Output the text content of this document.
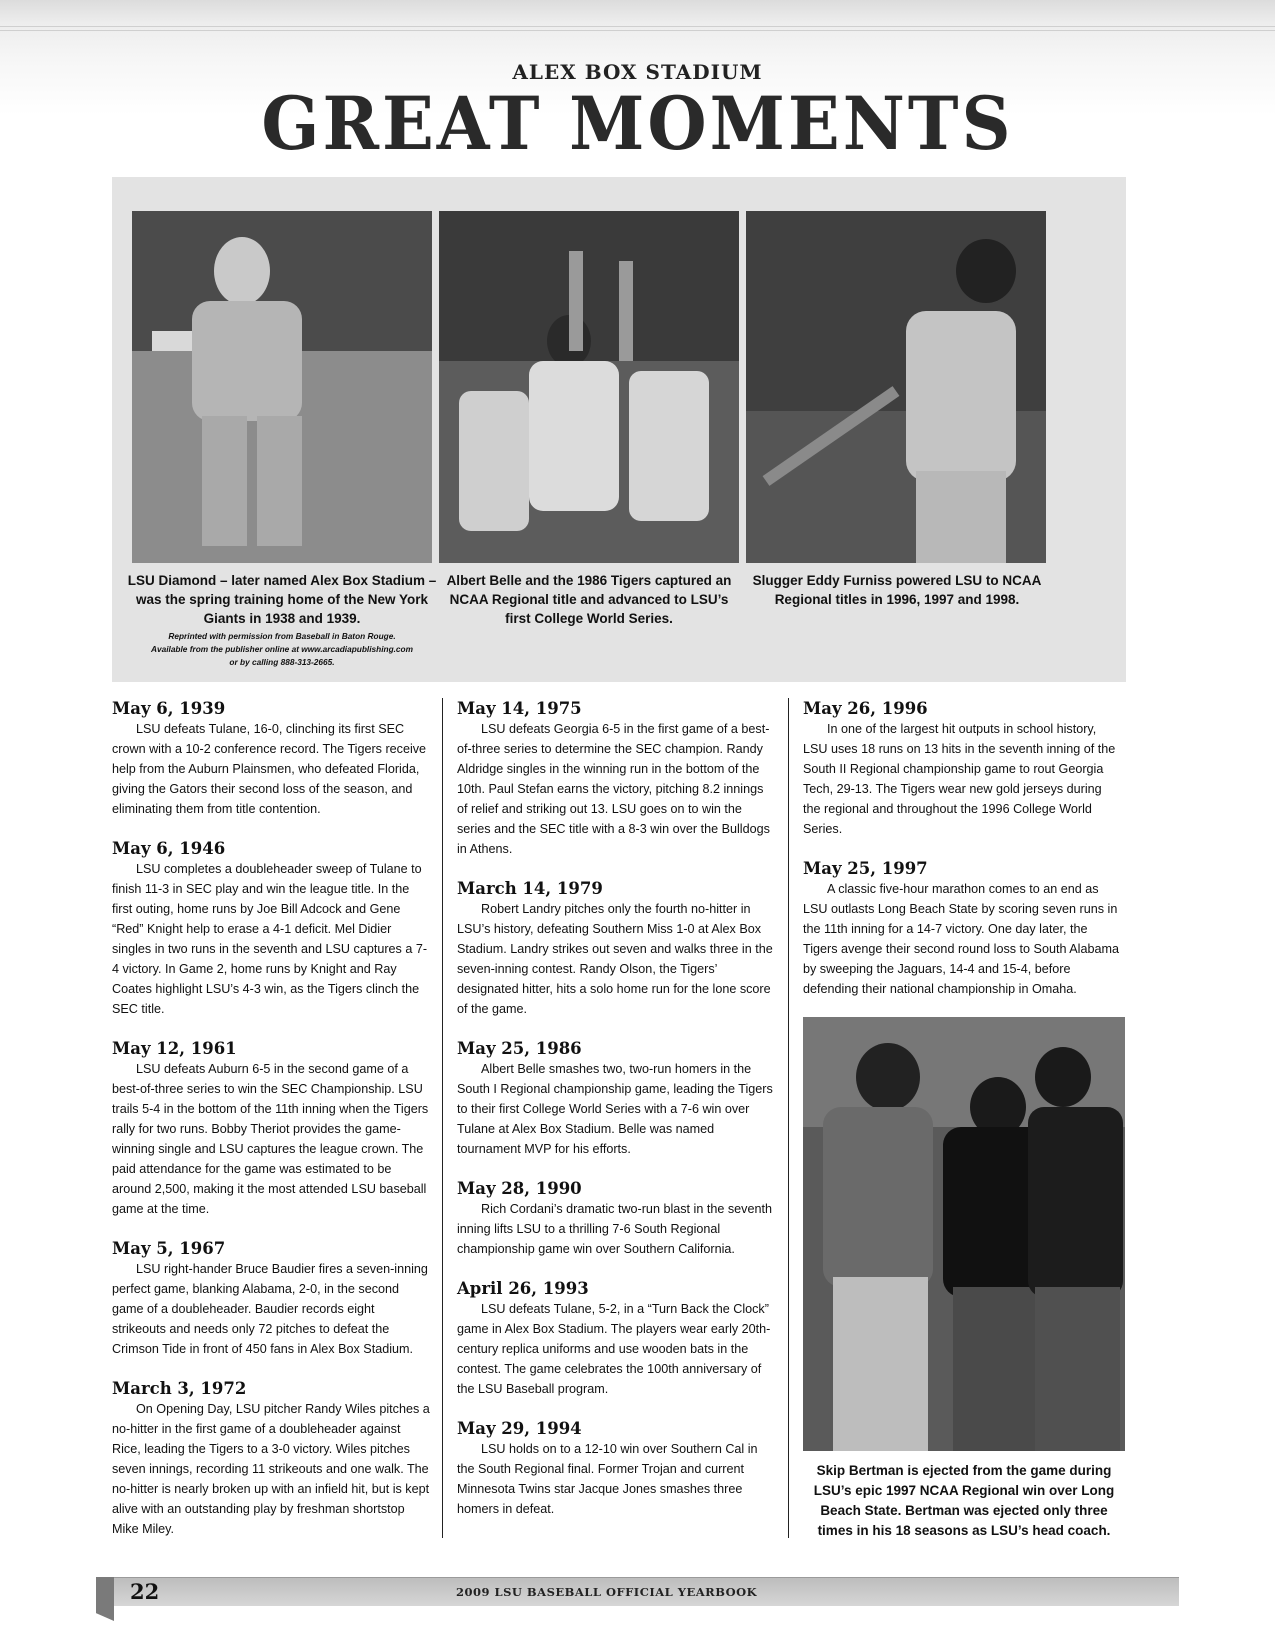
ALEX BOX STADIUM
GREAT MOMENTS
LSU Diamond – later named Alex Box Stadium – was the spring training home of the New York Giants in 1938 and 1939.
Reprinted with permission from Baseball in Baton Rouge.
Available from the publisher online at www.arcadiapublishing.com
or by calling 888-313-2665.
Albert Belle and the 1986 Tigers captured an NCAA Regional title and advanced to LSU’s first College World Series.
Slugger Eddy Furniss powered LSU to NCAA Regional titles in 1996, 1997 and 1998.
May 6, 1939

LSU defeats Tulane, 16-0, clinching its first SEC crown with a 10-2 conference record. The Tigers receive help from the Auburn Plainsmen, who defeated Florida, giving the Gators their second loss of the season, and eliminating them from title contention.

May 6, 1946

LSU completes a doubleheader sweep of Tulane to finish 11-3 in SEC play and win the league title. In the first outing, home runs by Joe Bill Adcock and Gene “Red” Knight help to erase a 4-1 deficit. Mel Didier singles in two runs in the seventh and LSU captures a 7-4 victory. In Game 2, home runs by Knight and Ray Coates highlight LSU’s 4-3 win, as the Tigers clinch the SEC title.

May 12, 1961

LSU defeats Auburn 6-5 in the second game of a best-of-three series to win the SEC Championship. LSU trails 5-4 in the bottom of the 11th inning when the Tigers rally for two runs. Bobby Theriot provides the game-winning single and LSU captures the league crown. The paid attendance for the game was estimated to be around 2,500, making it the most attended LSU baseball game at the time.

May 5, 1967

LSU right-hander Bruce Baudier fires a seven-inning perfect game, blanking Alabama, 2-0, in the second game of a doubleheader. Baudier records eight strikeouts and needs only 72 pitches to defeat the Crimson Tide in front of 450 fans in Alex Box Stadium.

March 3, 1972

On Opening Day, LSU pitcher Randy Wiles pitches a no-hitter in the first game of a doubleheader against Rice, leading the Tigers to a 3-0 victory. Wiles pitches seven innings, recording 11 strikeouts and one walk. The no-hitter is nearly broken up with an infield hit, but is kept alive with an outstanding play by freshman shortstop Mike Miley.

May 14, 1975

LSU defeats Georgia 6-5 in the first game of a best-of-three series to determine the SEC champion. Randy Aldridge singles in the winning run in the bottom of the 10th. Paul Stefan earns the victory, pitching 8.2 innings of relief and striking out 13. LSU goes on to win the series and the SEC title with a 8-3 win over the Bulldogs in Athens.

March 14, 1979

Robert Landry pitches only the fourth no-hitter in LSU’s history, defeating Southern Miss 1-0 at Alex Box Stadium. Landry strikes out seven and walks three in the seven-inning contest. Randy Olson, the Tigers’ designated hitter, hits a solo home run for the lone score of the game.

May 25, 1986

Albert Belle smashes two, two-run homers in the South I Regional championship game, leading the Tigers to their first College World Series with a 7-6 win over Tulane at Alex Box Stadium. Belle was named tournament MVP for his efforts.

May 28, 1990

Rich Cordani’s dramatic two-run blast in the seventh inning lifts LSU to a thrilling 7-6 South Regional championship game win over Southern California.

April 26, 1993

LSU defeats Tulane, 5-2, in a “Turn Back the Clock” game in Alex Box Stadium. The players wear early 20th-century replica uniforms and use wooden bats in the contest. The game celebrates the 100th anniversary of the LSU Baseball program.

May 29, 1994

LSU holds on to a 12-10 win over Southern Cal in the South Regional final. Former Trojan and current Minnesota Twins star Jacque Jones smashes three homers in defeat.

May 26, 1996

In one of the largest hit outputs in school history, LSU uses 18 runs on 13 hits in the seventh inning of the South II Regional championship game to rout Georgia Tech, 29-13. The Tigers wear new gold jerseys during the regional and throughout the 1996 College World Series.

May 25, 1997

A classic five-hour marathon comes to an end as LSU outlasts Long Beach State by scoring seven runs in the 11th inning for a 14-7 victory. One day later, the Tigers avenge their second round loss to South Alabama by sweeping the Jaguars, 14-4 and 15-4, before defending their national championship in Omaha.

Skip Bertman is ejected from the game during LSU’s epic 1997 NCAA Regional win over Long Beach State. Bertman was ejected only three times in his 18 seasons as LSU’s head coach.
22	2009 LSU BASEBALL OFFICIAL YEARBOOK
